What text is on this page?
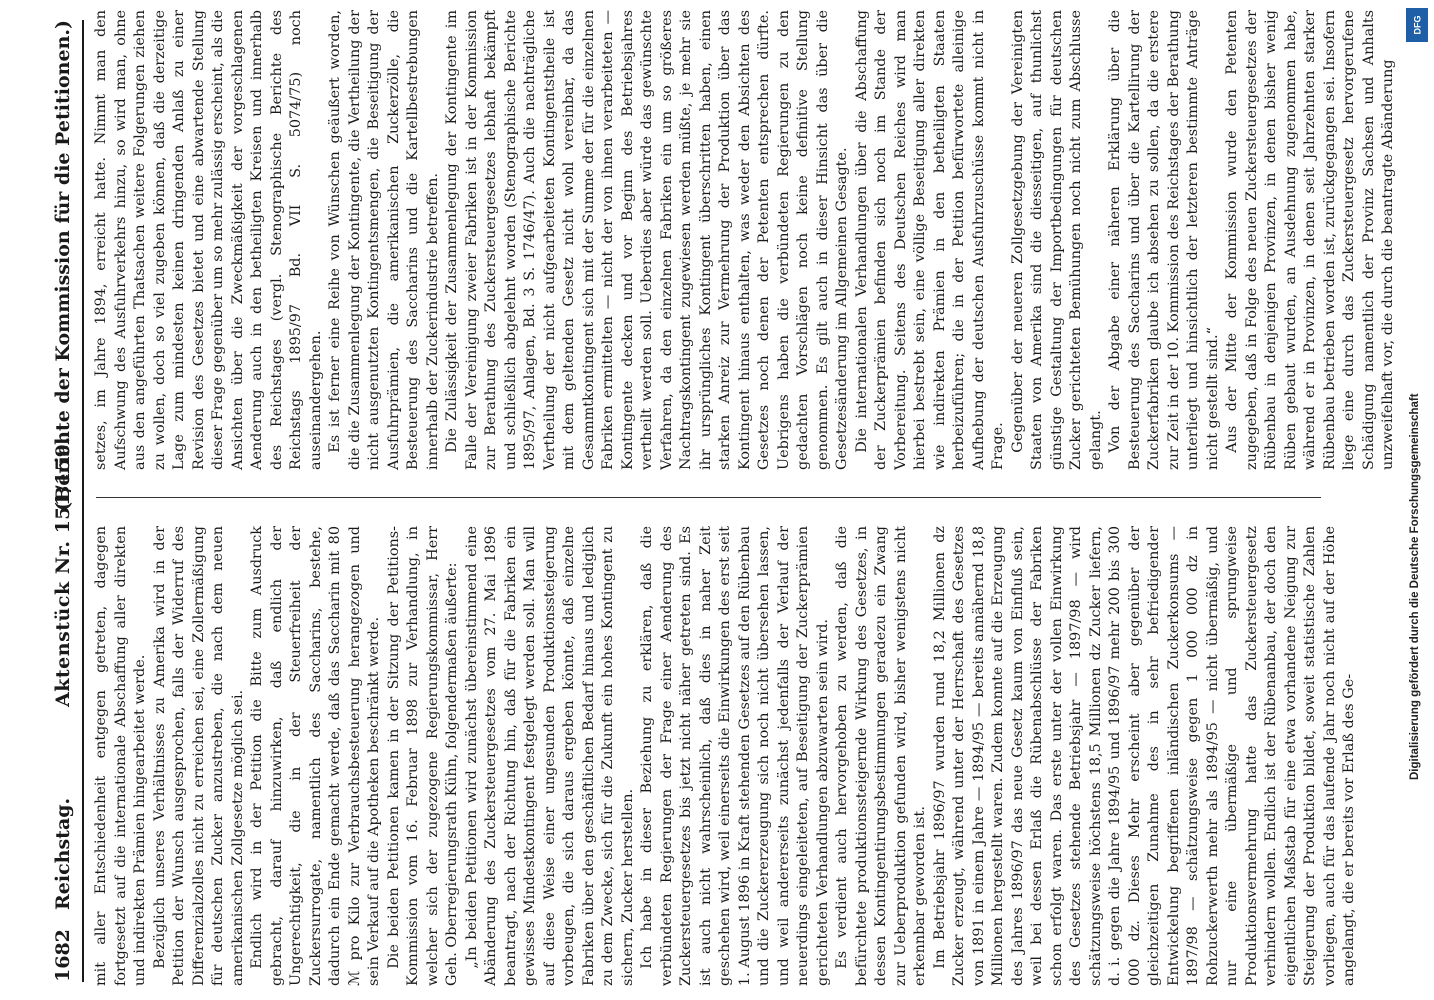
1682
Reichstag.
Aktenstück Nr. 151/159.
(Berichte der Kommission für die Petitionen.)

mit aller Entschiedenheit entgegen getreten, dagegen fortgesetzt auf die internationale Abschaffung aller direkten und indirekten Prämien hingearbeitet werde. Bezüglich unseres Verhältnisses zu Amerika wird in der Petition der Wunsch ausgesprochen, falls der Widerruf des Differenzialzolles nicht zu erreichen sei, eine Zollermäßigung für deutschen Zucker anzustreben, die nach dem neuen amerikanischen Zollgesetze möglich sei. Endlich wird in der Petition die Bitte zum Ausdruck gebracht, darauf hinzuwirken, daß endlich der Ungerechtigkeit, die in der Steuerfreiheit der Zuckersurrogate, namentlich des Saccharins, bestehe, dadurch ein Ende gemacht werde, daß das Saccharin mit 80 ℳ pro Kilo zur Verbrauchsbesteuerung herangezogen und sein Verkauf auf die Apotheken beschränkt werde. Die beiden Petitionen kamen in der Sitzung der Petitions-Kommission vom 16. Februar 1898 zur Verhandlung, in welcher sich der zugezogene Regierungskommissar, Herr Geh. Oberregierungsrath Kühn, folgendermaßen äußerte: „In beiden Petitionen wird zunächst übereinstimmend eine Abänderung des Zuckersteuergesetzes vom 27. Mai 1896 beantragt, nach der Richtung hin, daß für die Fabriken ein gewisses Mindestkontingent festgelegt werden soll. Man will auf diese Weise einer ungesunden Produktionssteigerung vorbeugen, die sich daraus ergeben könnte, daß einzelne Fabriken über den geschäftlichen Bedarf hinaus und lediglich zu dem Zwecke, sich für die Zukunft ein hohes Kontingent zu sichern, Zucker herstellen. Ich habe in dieser Beziehung zu erklären, daß die verbündeten Regierungen der Frage einer Aenderung des Zuckersteuergesetzes bis jetzt nicht näher getreten sind. Es ist auch nicht wahrscheinlich, daß dies in naher Zeit geschehen wird, weil einerseits die Einwirkungen des erst seit 1. August 1896 in Kraft stehenden Gesetzes auf den Rübenbau und die Zuckererzeugung sich noch nicht übersehen lassen, und weil andererseits zunächst jedenfalls der Verlauf der neuerdings eingeleiteten, auf Beseitigung der Zuckerprämien gerichteten Verhandlungen abzuwarten sein wird. Es verdient auch hervorgehoben zu werden, daß die befürchtete produktionssteigernde Wirkung des Gesetzes, in dessen Kontingentirungsbestimmungen geradezu ein Zwang zur Ueberproduktion gefunden wird, bisher wenigstens nicht erkennbar geworden ist. Im Betriebsjahr 1896/97 wurden rund 18,2 Millionen dz Zucker erzeugt, während unter der Herrschaft des Gesetzes von 1891 in einem Jahre — 1894/95 — bereits annähernd 18,8 Millionen hergestellt waren. Zudem konnte auf die Erzeugung des Jahres 1896/97 das neue Gesetz kaum von Einfluß sein, weil bei dessen Erlaß die Rübenabschlüsse der Fabriken schon erfolgt waren. Das erste unter der vollen Einwirkung des Gesetzes stehende Betriebsjahr — 1897/98 — wird schätzungsweise höchstens 18,5 Millionen dz Zucker liefern, d. i. gegen die Jahre 1894/95 und 1896/97 mehr 200 bis 300 000 dz. Dieses Mehr erscheint aber gegenüber der gleichzeitigen Zunahme des in sehr befriedigender Entwickelung begriffenen inländischen Zuckerkonsums — 1897/98 — schätzungsweise gegen 1 000 000 dz in Rohzuckerwerth mehr als 1894/95 — nicht übermäßig, und nur eine übermäßige und sprungweise Produktionsvermehrung hatte das Zuckersteuergesetz verhindern wollen. Endlich ist der Rübenanbau, der doch den eigentlichen Maßstab für eine etwa vorhandene Neigung zur Steigerung der Produktion bildet, soweit statistische Zahlen vorliegen, auch für das laufende Jahr noch nicht auf der Höhe angelangt, die er bereits vor Erlaß des Ge-

setzes, im Jahre 1894, erreicht hatte. Nimmt man den Aufschwung des Ausfuhrverkehrs hinzu, so wird man, ohne aus den angeführten Thatsachen weitere Folgerungen ziehen zu wollen, doch so viel zugeben können, daß die derzeitige Lage zum mindesten keinen dringenden Anlaß zu einer Revision des Gesetzes bietet und eine abwartende Stellung dieser Frage gegenüber um so mehr zulässig erscheint, als die Ansichten über die Zweckmäßigkeit der vorgeschlagenen Aenderung auch in den betheiligten Kreisen und innerhalb des Reichstages (vergl. Stenographische Berichte des Reichstags 1895/97 Bd. VII S. 5074/75) noch auseinandergehen. Es ist ferner eine Reihe von Wünschen geäußert worden, die die Zusammenlegung der Kontingente, die Vertheilung der nicht ausgenutzten Kontingentsmengen, die Beseitigung der Ausfuhrprämien, die amerikanischen Zuckerzölle, die Besteuerung des Saccharins und die Kartellbestrebungen innerhalb der Zuckerindustrie betreffen. Die Zulässigkeit der Zusammenlegung der Kontingente im Falle der Vereinigung zweier Fabriken ist in der Kommission zur Berathung des Zuckersteuergesetzes lebhaft bekämpft und schließlich abgelehnt worden (Stenographische Berichte 1895/97, Anlagen, Bd. 3 S. 1746/47). Auch die nachträgliche Vertheilung der nicht aufgearbeiteten Kontingentstheile ist mit dem geltenden Gesetz nicht wohl vereinbar, da das Gesammtkontingent sich mit der Summe der für die einzelnen Fabriken ermittelten — nicht der von ihnen verarbeiteten — Kontingente decken und vor Beginn des Betriebsjahres vertheilt werden soll. Ueberdies aber würde das gewünschte Verfahren, da den einzelnen Fabriken ein um so größeres Nachtragskontingent zugewiesen werden müßte, je mehr sie ihr ursprüngliches Kontingent überschritten haben, einen starken Anreiz zur Vermehrung der Produktion über das Kontingent hinaus enthalten, was weder den Absichten des Gesetzes noch denen der Petenten entsprechen dürfte. Uebrigens haben die verbündeten Regierungen zu den gedachten Vorschlägen noch keine definitive Stellung genommen. Es gilt auch in dieser Hinsicht das über die Gesetzesänderung im Allgemeinen Gesagte. Die internationalen Verhandlungen über die Abschaffung der Zuckerprämien befinden sich noch im Stande der Vorbereitung. Seitens des Deutschen Reiches wird man hierbei bestrebt sein, eine völlige Beseitigung aller direkten wie indirekten Prämien in den betheiligten Staaten herbeizuführen; die in der Petition befürwortete alleinige Aufhebung der deutschen Ausfuhrzuschüsse kommt nicht in Frage. Gegenüber der neueren Zollgesetzgebung der Vereinigten Staaten von Amerika sind die diesseitigen, auf thunlichst günstige Gestaltung der Importbedingungen für deutschen Zucker gerichteten Bemühungen noch nicht zum Abschlusse gelangt. Von der Abgabe einer näheren Erklärung über die Besteuerung des Saccharins und über die Kartellirung der Zuckerfabriken glaube ich absehen zu sollen, da die erstere zur Zeit in der 10. Kommission des Reichstages der Berathung unterliegt und hinsichtlich der letzteren bestimmte Anträge nicht gestellt sind.“ Aus der Mitte der Kommission wurde den Petenten zugegeben, daß in Folge des neuen Zuckersteuergesetzes der Rübenbau in denjenigen Provinzen, in denen bisher wenig Rüben gebaut wurden, an Ausdehnung zugenommen habe, während er in Provinzen, in denen seit Jahrzehnten starker Rübenbau betrieben worden ist, zurückgegangen sei. Insofern liege eine durch das Zuckersteuergesetz hervorgerufene Schädigung namentlich der Provinz Sachsen und Anhalts unzweifelhaft vor, die durch die beantragte Abänderung

DFG
Digitalisierung gefördert durch die Deutsche Forschungsgemeinschaft
